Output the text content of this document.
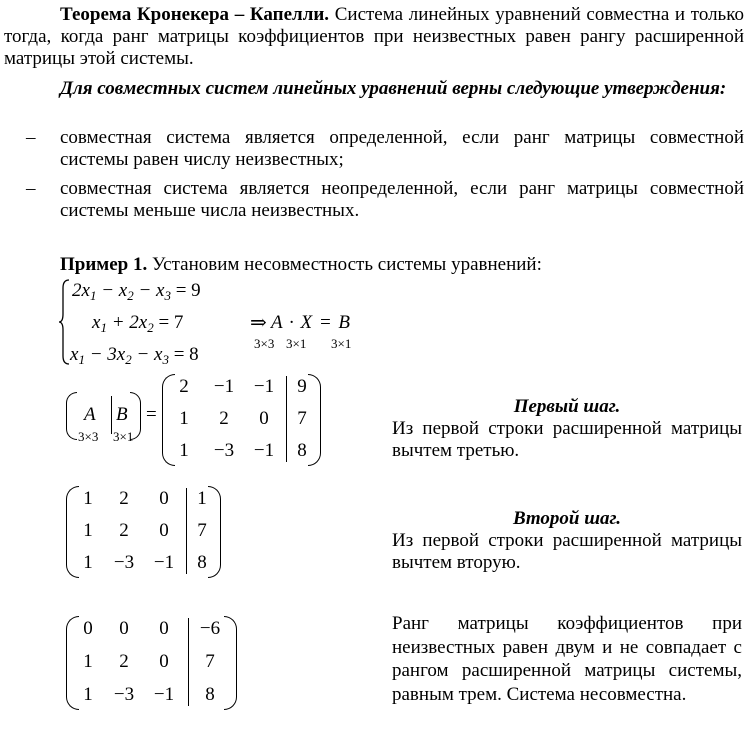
Теорема Кронекера – Капелли. Система линейных уравнений совместна и только тогда, когда ранг матрицы коэффициентов при неизвестных равен рангу расширенной матрицы этой системы.
Для совместных систем линейных уравнений верны следующие утверждения:
– совместная система является определенной, если ранг матрицы совместной системы равен числу неизвестных;
– совместная система является неопределенной, если ранг матрицы совместной системы меньше числа неизвестных.
Пример 1. Установим несовместность системы уравнений:
$2x_1 - x_2 - x_3 = 9$
$x_1 + 2x_2 = 7$
$x_1 - 3x_2 - x_3 = 8$
⇒ A · X = B
3×3 3×1 3×1
A
3×3
B
3×1
=
2	−1	−1	9
1	2	0	7
1	−3	−1	8
Первый шаг.
Из первой строки расширенной матрицы вычтем третью.
1	2	0	1
1	2	0	7
1	−3	−1	8
Второй шаг.
Из первой строки расширенной матрицы вычтем вторую.
0	0	0	−6
1	2	0	7
1	−3	−1	8
Ранг матрицы коэффициентов при неизвестных равен двум и не совпадает с рангом расширенной матрицы системы, равным трем. Система несовместна.
